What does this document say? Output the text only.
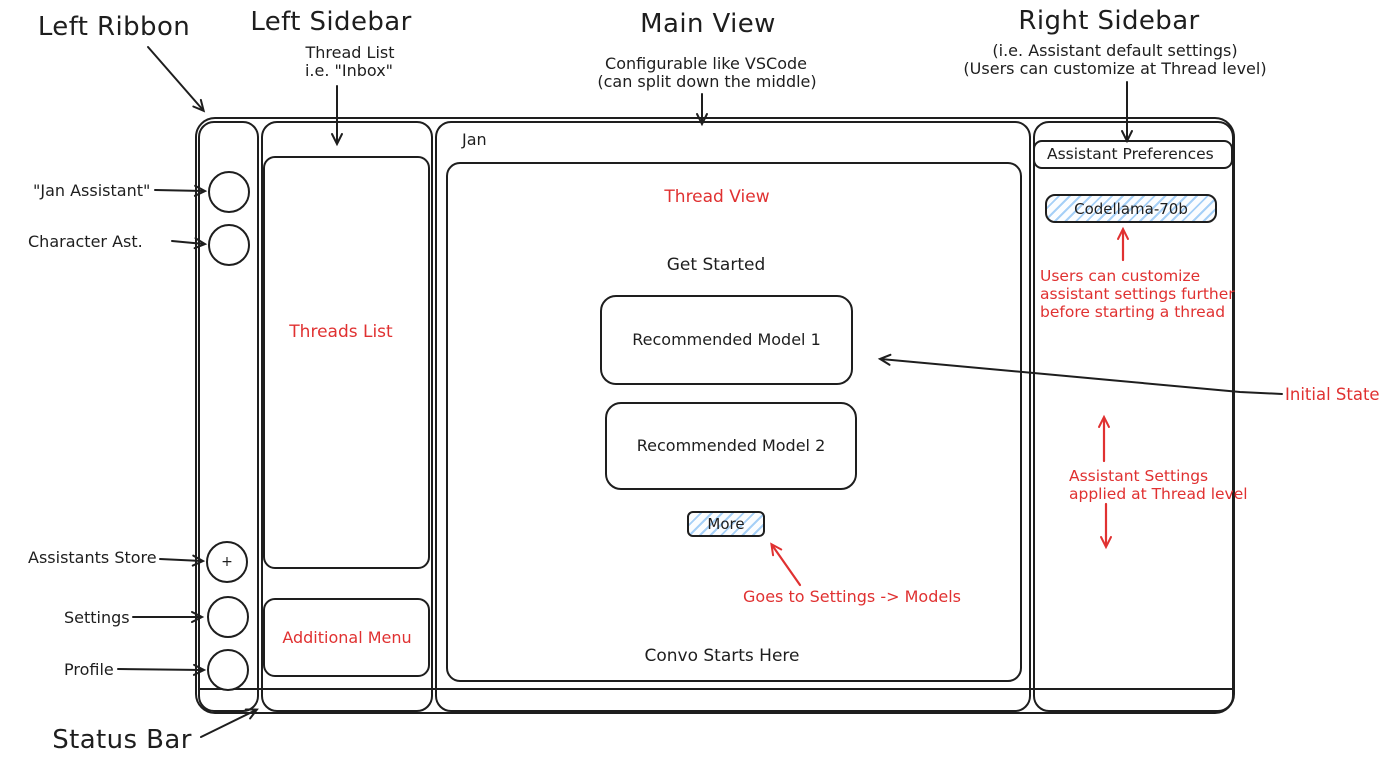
+
Threads List
Additional Menu
Jan
Thread View
Get Started
Recommended Model 1
Recommended Model 2
More
Goes to Settings -> Models
Convo Starts Here
Assistant Preferences
Codellama-70b
Users can customize
assistant settings further
before starting a thread
Assistant Settings
applied at Thread level
Left Ribbon Left Sidebar
Thread List
i.e. "Inbox"
Main View
Configurable like VSCode
(can split down the middle)
Right Sidebar
(i.e. Assistant default settings)
(Users can customize at Thread level)
Status Bar
"Jan Assistant"
Character Ast.
Assistants Store
Settings
Profile
Initial State
